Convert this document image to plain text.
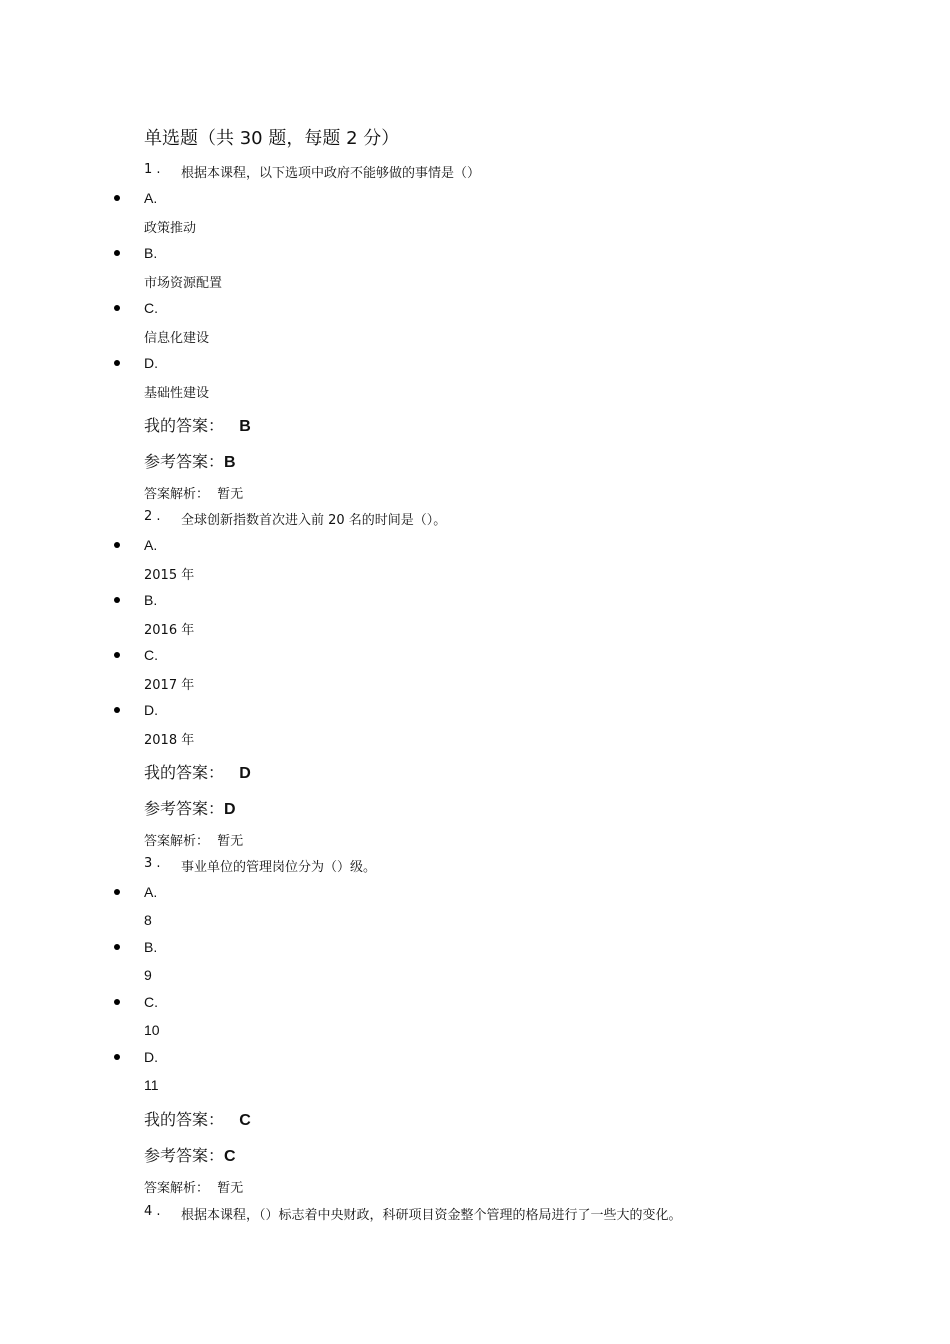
单选题（共 30 题，每题 2 分）
1 . 根据本课程，以下选项中政府不能够做的事情是（）
A.
政策推动
B.
市场资源配置
C.
信息化建设
D.
基础性建设
我的答案： B
参考答案：B
答案解析： 暂无
2 . 全球创新指数首次进入前 20 名的时间是（）。
A.
2015 年
B.
2016 年
C.
2017 年
D.
2018 年
我的答案： D
参考答案：D
答案解析： 暂无
3 . 事业单位的管理岗位分为（）级。
A.
8
B.
9
C.
10
D.
11
我的答案： C
参考答案：C
答案解析： 暂无
4 . 根据本课程，（）标志着中央财政，科研项目资金整个管理的格局进行了一些大的变化。
